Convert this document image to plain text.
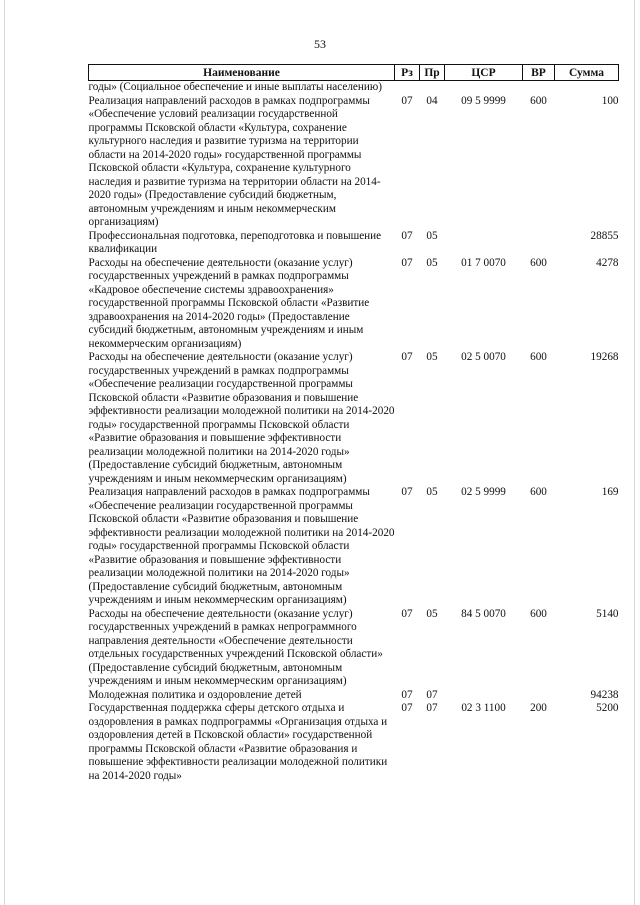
53
Наименование	Рз	Пр	ЦСР	ВР	Сумма
годы» (Социальное обеспечение и иные выплаты населению)					
Реализация направлений расходов в рамках подпрограммы «Обеспечение условий реализации государственной программы Псковской области «Культура, сохранение культурного наследия и развитие туризма на территории области на 2014-2020 годы» государственной программы Псковской области «Культура, сохранение культурного наследия и развитие туризма на территории области на 2014-2020 годы» (Предоставление субсидий бюджетным, автономным учреждениям и иным некоммерческим организациям)	07	04	09 5 9999	600	100
Профессиональная подготовка, переподготовка и повышение квалификации	07	05			28855
Расходы на обеспечение деятельности (оказание услуг) государственных учреждений в рамках подпрограммы «Кадровое обеспечение системы здравоохранения» государственной программы Псковской области «Развитие здравоохранения на 2014-2020 годы» (Предоставление субсидий бюджетным, автономным учреждениям и иным некоммерческим организациям)	07	05	01 7 0070	600	4278
Расходы на обеспечение деятельности (оказание услуг) государственных учреждений в рамках подпрограммы «Обеспечение реализации государственной программы Псковской области «Развитие образования и повышение эффективности реализации молодежной политики на 2014-2020 годы» государственной программы Псковской области «Развитие образования и повышение эффективности реализации молодежной политики на 2014-2020 годы» (Предоставление субсидий бюджетным, автономным учреждениям и иным некоммерческим организациям)	07	05	02 5 0070	600	19268
Реализация направлений расходов в рамках подпрограммы «Обеспечение реализации государственной программы Псковской области «Развитие образования и повышение эффективности реализации молодежной политики на 2014-2020 годы» государственной программы Псковской области «Развитие образования и повышение эффективности реализации молодежной политики на 2014-2020 годы» (Предоставление субсидий бюджетным, автономным учреждениям и иным некоммерческим организациям)	07	05	02 5 9999	600	169
Расходы на обеспечение деятельности (оказание услуг) государственных учреждений в рамках непрограммного направления деятельности «Обеспечение деятельности отдельных государственных учреждений Псковской области» (Предоставление субсидий бюджетным, автономным учреждениям и иным некоммерческим организациям)	07	05	84 5 0070	600	5140
Молодежная политика и оздоровление детей	07	07			94238
Государственная поддержка сферы детского отдыха и оздоровления в рамках подпрограммы «Организация отдыха и оздоровления детей в Псковской области» государственной программы Псковской области «Развитие образования и повышение эффективности реализации молодежной политики на 2014-2020 годы»	07	07	02 3 1100	200	5200
